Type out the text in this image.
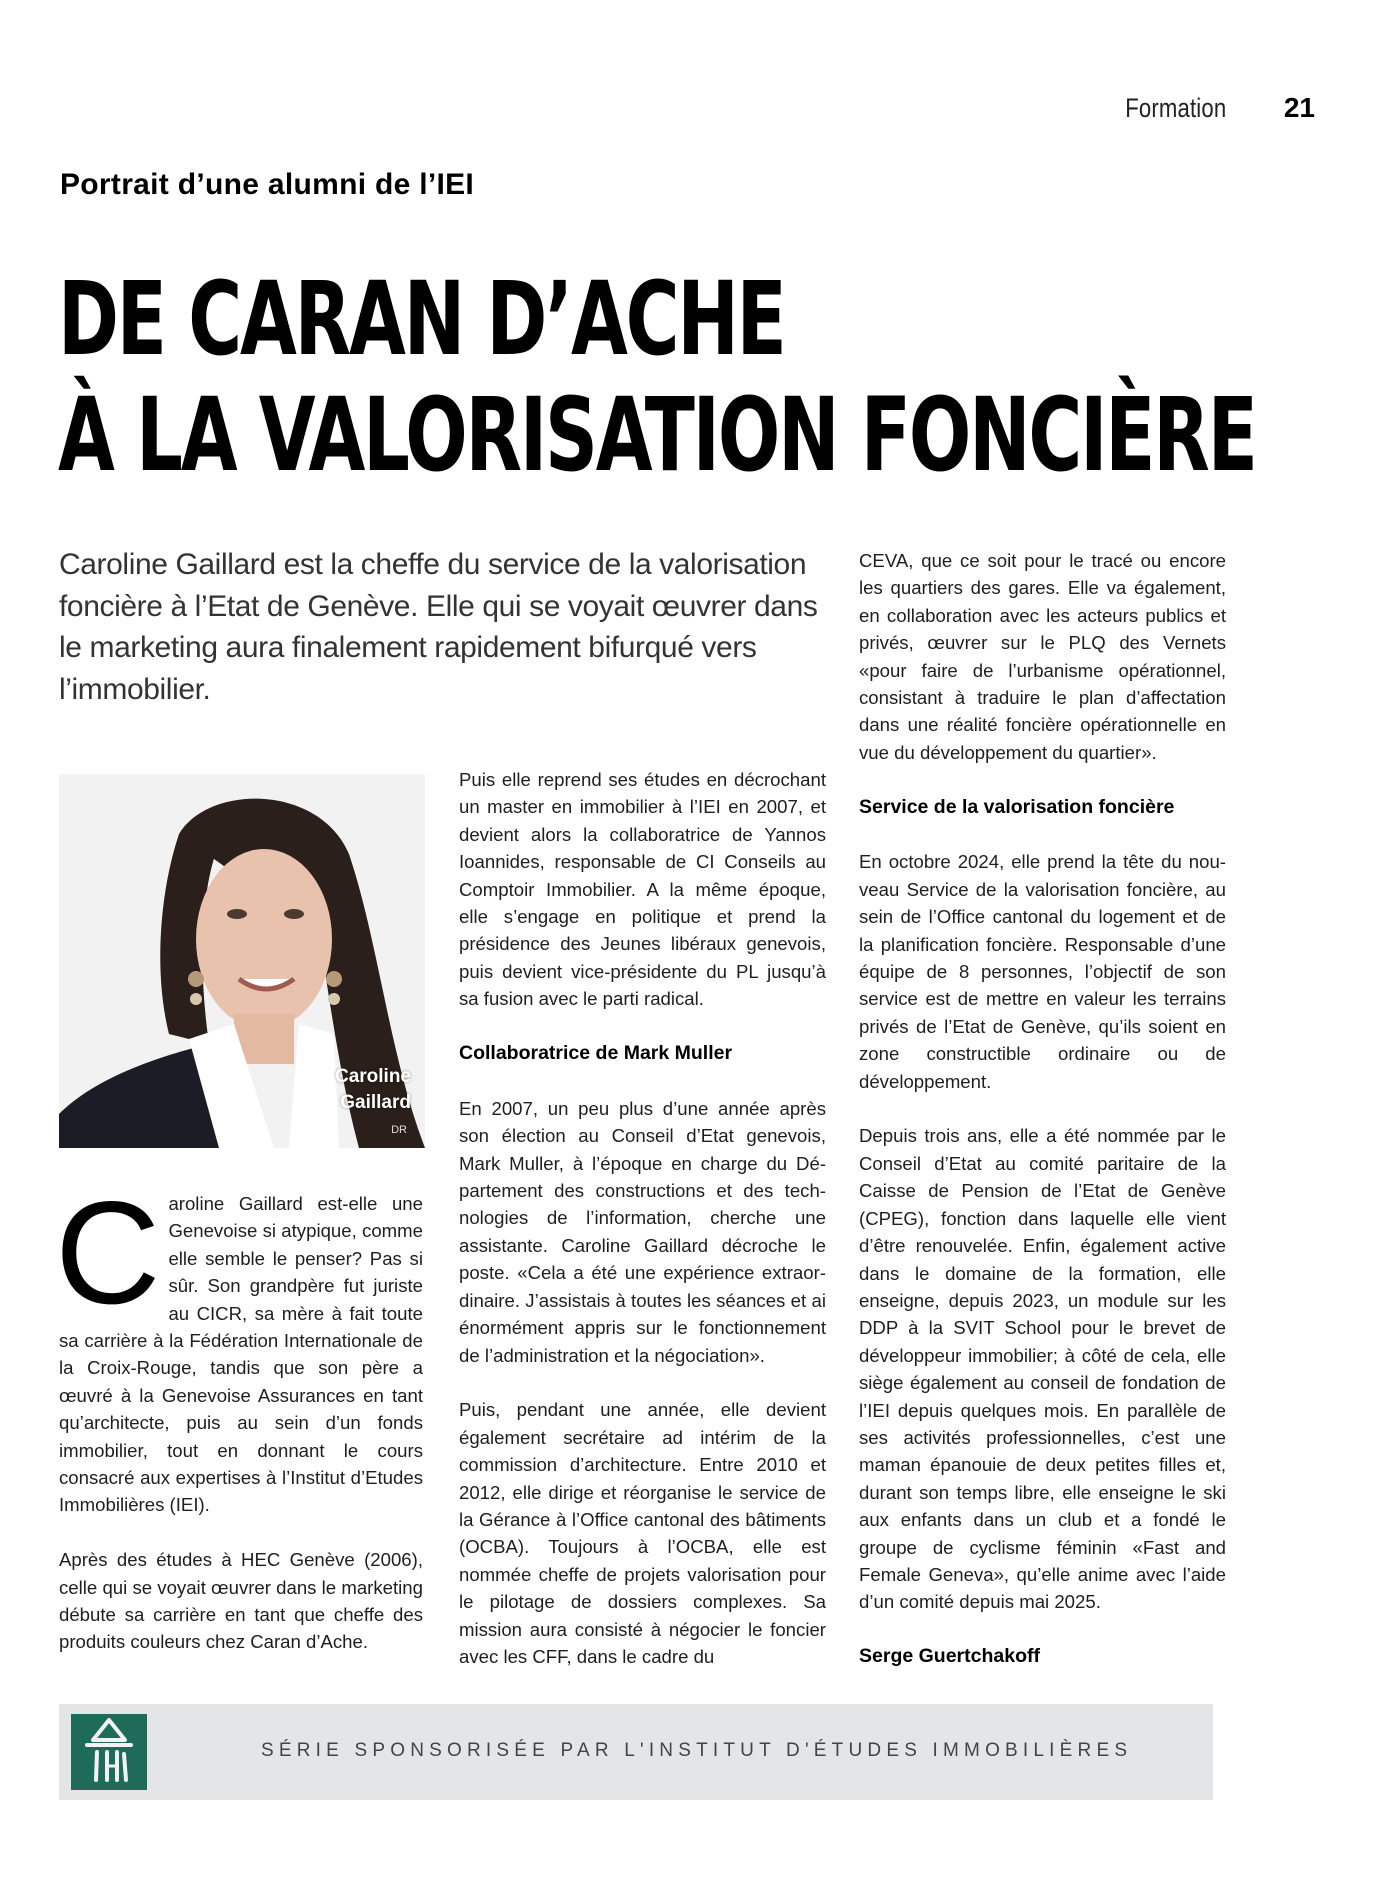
Formation 21
Portrait d’une alumni de l’IEI
DE CARAN D’ACHE
À LA VALORISATION FONCIÈRE
Caroline Gaillard est la cheffe du service de la valorisation foncière à l’Etat de Genève. Elle qui se voyait œuvrer dans le marketing aura finalement rapidement bifurqué vers l’immobilier.
Caroline
Gaillard
DR

Caroline Gaillard est-elle une Genevoise si atypique, comme elle semble le penser? Pas si sûr. Son grandpère fut juriste au CICR, sa mère à fait toute sa carrière à la Fédération Internationale de la Croix-Rouge, tandis que son père a œuvré à la Genevoise Assurances en tant qu’architecte, puis au sein d’un fonds immobilier, tout en donnant le cours consacré aux expertises à l’Institut d’Etudes Immobilières (IEI).

Après des études à HEC Genève (2006), celle qui se voyait œuvrer dans le marketing débute sa carrière en tant que cheffe des produits couleurs chez Caran d’Ache.

Puis elle reprend ses études en décrochant un master en immobilier à l’IEI en 2007, et devient alors la collaboratrice de Yannos Ioannides, responsable de CI Conseils au Comptoir Immobilier. A la même époque, elle s’engage en politique et prend la présidence des Jeunes libéraux genevois, puis devient vice-présidente du PL jusqu’à sa fusion avec le parti radical.

Collaboratrice de Mark Muller

En 2007, un peu plus d’une année après son élection au Conseil d’Etat genevois, Mark Muller, à l’époque en charge du Département des constructions et des technologies de l’information, cherche une assistante. Caroline Gaillard décroche le poste. «Cela a été une expérience extraordinaire. J’assistais à toutes les séances et ai énormément appris sur le fonctionnement de l’administration et la négociation».

Puis, pendant une année, elle devient également secrétaire ad intérim de la commission d’architecture. Entre 2010 et 2012, elle dirige et réorganise le service de la Gérance à l’Office cantonal des bâtiments (OCBA). Toujours à l’OCBA, elle est nommée cheffe de projets valorisation pour le pilotage de dossiers complexes. Sa mission aura consisté à négocier le foncier avec les CFF, dans le cadre du

CEVA, que ce soit pour le tracé ou encore les quartiers des gares. Elle va également, en collaboration avec les acteurs publics et privés, œuvrer sur le PLQ des Vernets «pour faire de l’urbanisme opérationnel, consistant à traduire le plan d’affectation dans une réalité foncière opérationnelle en vue du développement du quartier».

Service de la valorisation foncière

En octobre 2024, elle prend la tête du nouveau Service de la valorisation foncière, au sein de l’Office cantonal du logement et de la planification foncière. Responsable d’une équipe de 8 personnes, l’objectif de son service est de mettre en valeur les terrains privés de l’Etat de Genève, qu’ils soient en zone constructible ordinaire ou de développement.

Depuis trois ans, elle a été nommée par le Conseil d’Etat au comité paritaire de la Caisse de Pension de l’Etat de Genève (CPEG), fonction dans laquelle elle vient d’être renouvelée. Enfin, également active dans le domaine de la formation, elle enseigne, depuis 2023, un module sur les DDP à la SVIT School pour le brevet de développeur immobilier; à côté de cela, elle siège également au conseil de fondation de l’IEI depuis quelques mois. En parallèle de ses activités professionnelles, c’est une maman épanouie de deux petites filles et, durant son temps libre, elle enseigne le ski aux enfants dans un club et a fondé le groupe de cyclisme féminin «Fast and Female Geneva», qu’elle anime avec l’aide d’un comité depuis mai 2025.

Serge Guertchakoff

SÉRIE SPONSORISÉE PAR L'INSTITUT D'ÉTUDES IMMOBILIÈRES
